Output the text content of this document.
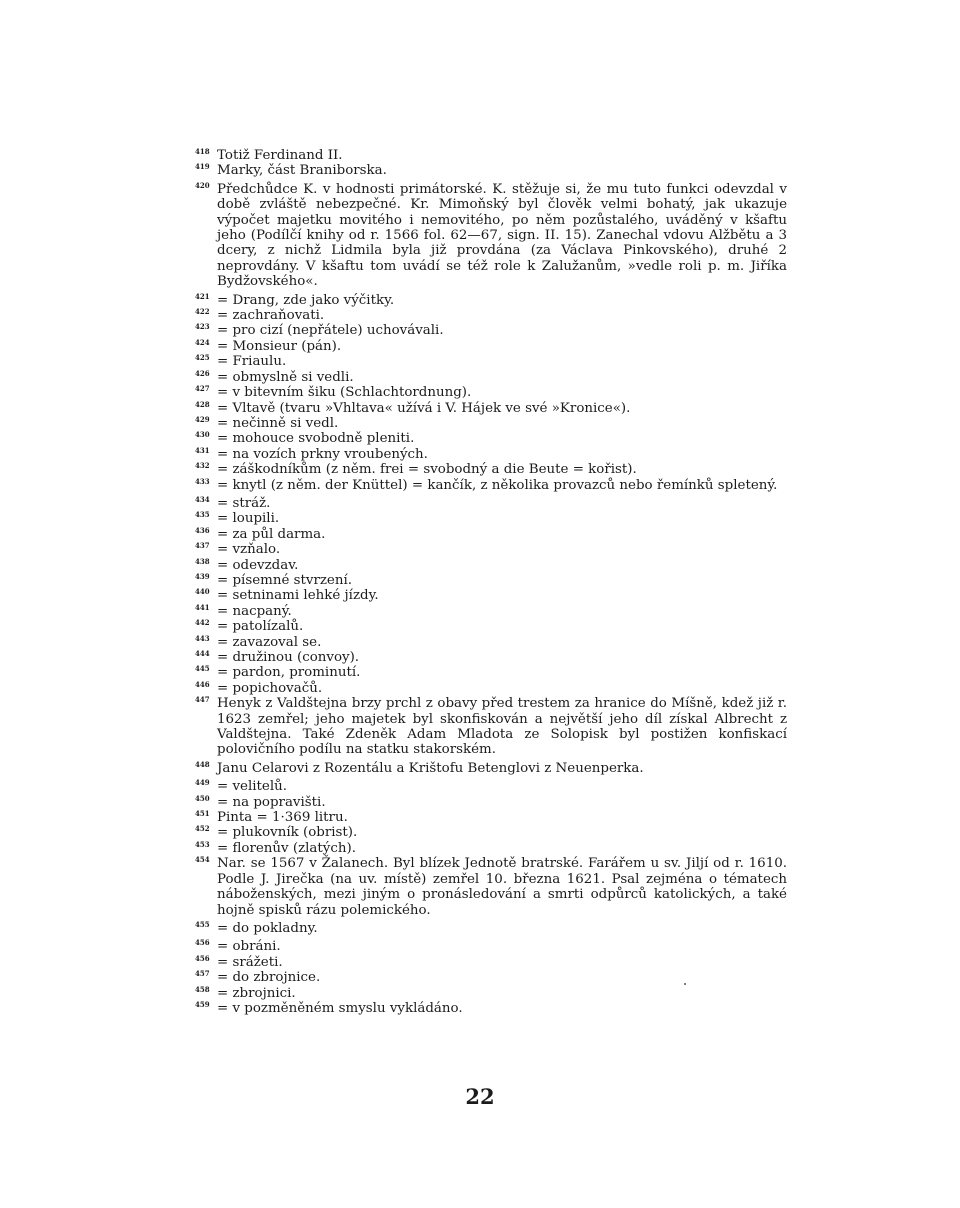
418 Totiž Ferdinand II.
419 Marky, část Braniborska.
420 Předchůdce K. v hodnosti primátorské. K. stěžuje si, že mu tuto funkci odevzdal v době zvláště nebezpečné. Kr. Mimoňský byl člověk velmi bohatý, jak ukazuje výpočet majetku movitého i nemovitého, po něm pozůstalého, uváděný v kšaftu jeho (Podílčí knihy od r. 1566 fol. 62—67, sign. II. 15). Zanechal vdovu Alžbětu a 3 dcery, z nichž Lidmila byla již provdána (za Václava Pinkovského), druhé 2 neprovdány. V kšaftu tom uvádí se též role k Zalužanům, »vedle roli p. m. Jiříka Bydžovského«.
421 = Drang, zde jako výčitky.
422 = zachraňovati.
423 = pro cizí (nepřátele) uchovávali.
424 = Monsieur (pán).
425 = Friaulu.
426 = obmyslně si vedli.
427 = v bitevním šiku (Schlachtordnung).
428 = Vltavě (tvaru »Vhltava« užívá i V. Hájek ve své »Kronice«).
429 = nečinně si vedl.
430 = mohouce svobodně pleniti.
431 = na vozích prkny vroubených.
432 = záškodníkům (z něm. frei = svobodný a die Beute = kořist).
433 = knytl (z něm. der Knüttel) = kančík, z několika provazců nebo řemínků spletený.
434 = stráž.
435 = loupili.
436 = za půl darma.
437 = vzňalo.
438 = odevzdav.
439 = písemné stvrzení.
440 = setninami lehké jízdy.
441 = nacpaný.
442 = patolízalů.
443 = zavazoval se.
444 = družinou (convoy).
445 = pardon, prominutí.
446 = popichovačů.
447 Henyk z Valdštejna brzy prchl z obavy před trestem za hranice do Míšně, kdež již r. 1623 zemřel; jeho majetek byl skonfiskován a největší jeho díl získal Albrecht z Valdštejna. Také Zdeněk Adam Mladota ze Solopisk byl postižen konfiskací polovičního podílu na statku stakorském.
448 Janu Celarovi z Rozentálu a Krištofu Betenglovi z Neuenperka.
449 = velitelů.
450 = na popravišti.
451 Pinta = 1·369 litru.
452 = plukovník (obrist).
453 = florenův (zlatých).
454 Nar. se 1567 v Žalanech. Byl blízek Jednotě bratrské. Farářem u sv. Jiljí od r. 1610. Podle J. Jirečka (na uv. místě) zemřel 10. března 1621. Psal zejména o tématech náboženských, mezi jiným o pronásledování a smrti odpůrců katolických, a také hojně spisků rázu polemického.
455 = do pokladny.
456 = obráni.
456 = srážeti.
457 = do zbrojnice.
458 = zbrojnici.
459 = v pozměněném smyslu vykládáno.
22
